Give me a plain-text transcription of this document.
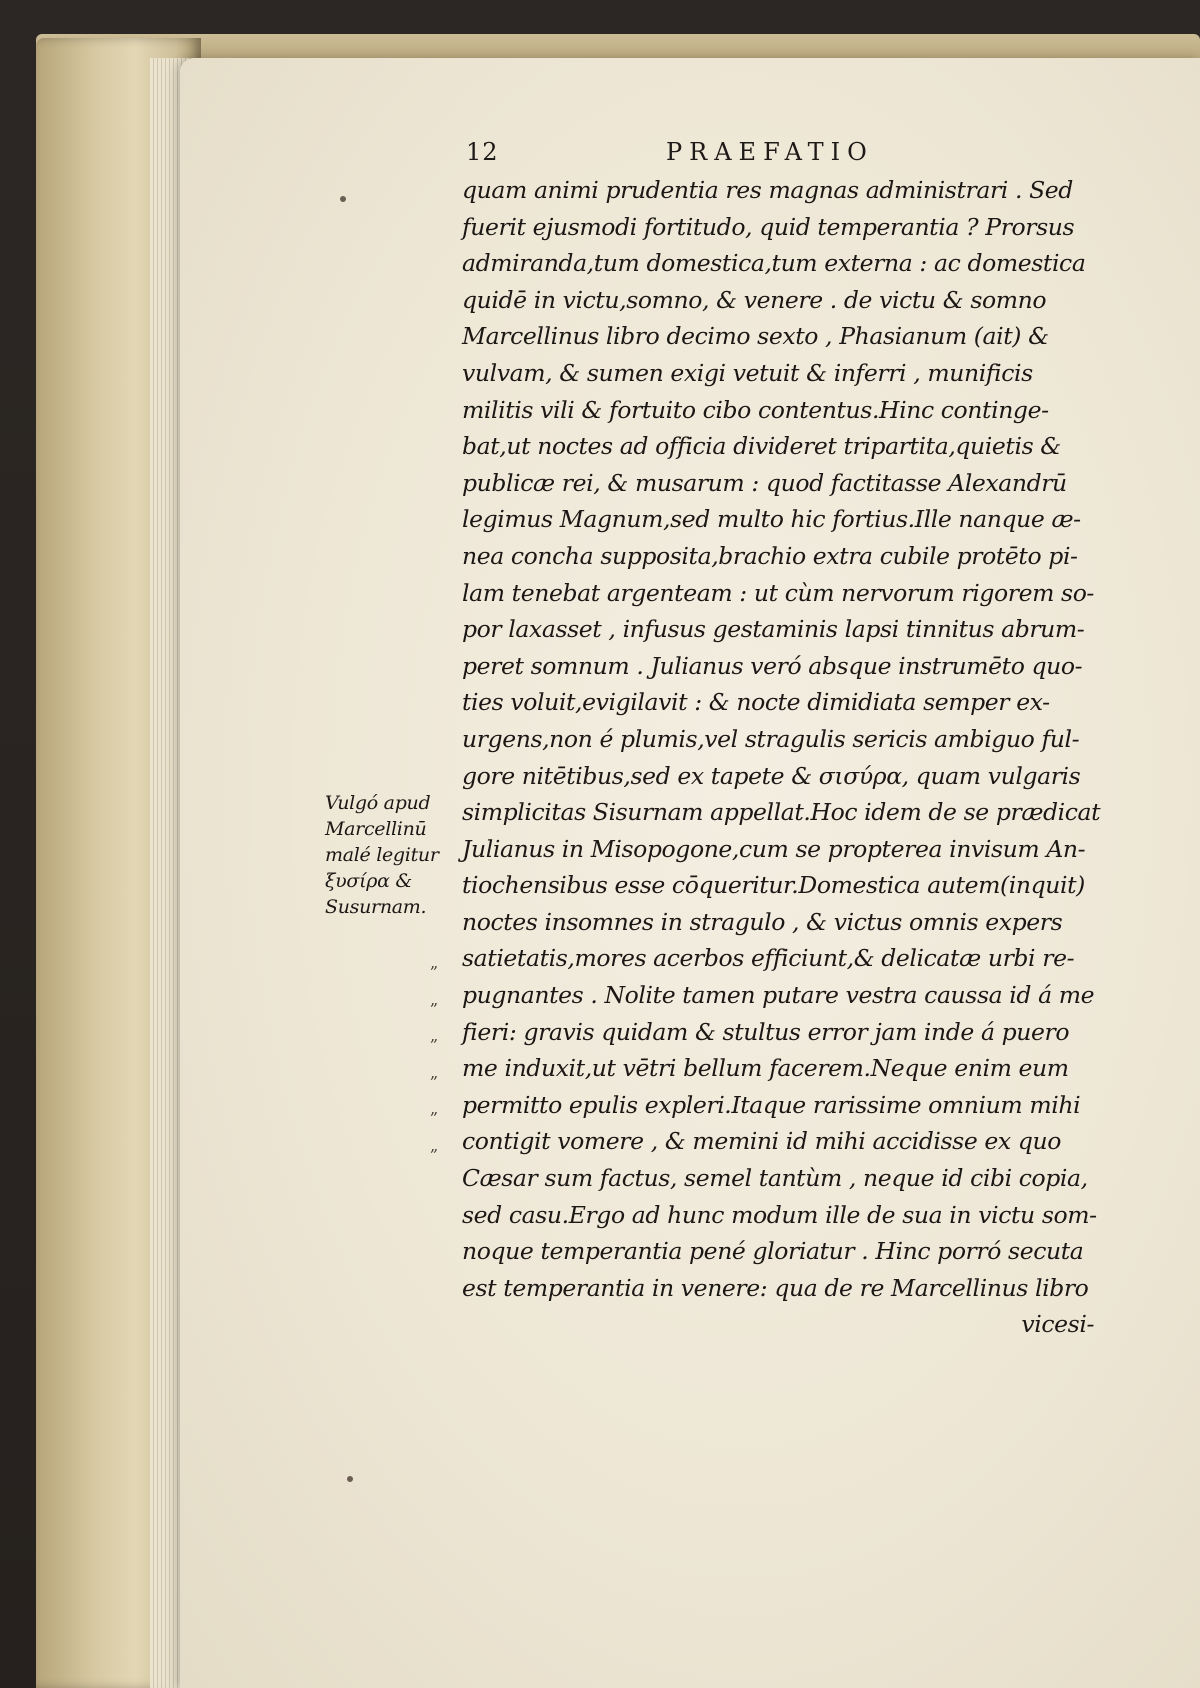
12	PRAEFATIO
quam animi prudentia res magnas administrari . Sed
fuerit ejusmodi fortitudo, quid temperantia ? Prorsus
admiranda,tum domestica,tum externa : ac domestica
quidē in victu,somno, & venere . de victu & somno
Marcellinus libro decimo sexto , Phasianum (ait) &
vulvam, & sumen exigi vetuit & inferri , munificis
militis vili & fortuito cibo contentus.Hinc continge-
bat,ut noctes ad officia divideret tripartita,quietis &
publicæ rei, & musarum : quod factitasse Alexandrū
legimus Magnum,sed multo hic fortius.Ille nanque æ-
nea concha supposita,brachio extra cubile protēto pi-
lam tenebat argenteam : ut cùm nervorum rigorem so-
por laxasset , infusus gestaminis lapsi tinnitus abrum-
peret somnum . Julianus veró absque instrumēto quo-
ties voluit,evigilavit : & nocte dimidiata semper ex-
urgens,non é plumis,vel stragulis sericis ambiguo ful-
gore nitētibus,sed ex tapete & σισύρα, quam vulgaris
simplicitas Sisurnam appellat.Hoc idem de se prædicat
Julianus in Misopogone,cum se propterea invisum An-
tiochensibus esse cōqueritur.Domestica autem(inquit)
noctes insomnes in stragulo , & victus omnis expers
satietatis,mores acerbos efficiunt,& delicatæ urbi re-
pugnantes . Nolite tamen putare vestra caussa id á me
fieri: gravis quidam & stultus error jam inde á puero
me induxit,ut vētri bellum facerem.Neque enim eum
permitto epulis expleri.Itaque rarissime omnium mihi
contigit vomere , & memini id mihi accidisse ex quo
Cæsar sum factus, semel tantùm , neque id cibi copia,
sed casu.Ergo ad hunc modum ille de sua in victu som-
noque temperantia pené gloriatur . Hinc porró secuta
est temperantia in venere: qua de re Marcellinus libro
vicesi-
Vulgó apud
Marcellinū
malé legitur
ξυσίρα &
Susurnam.
„
„
„
„
„
„
